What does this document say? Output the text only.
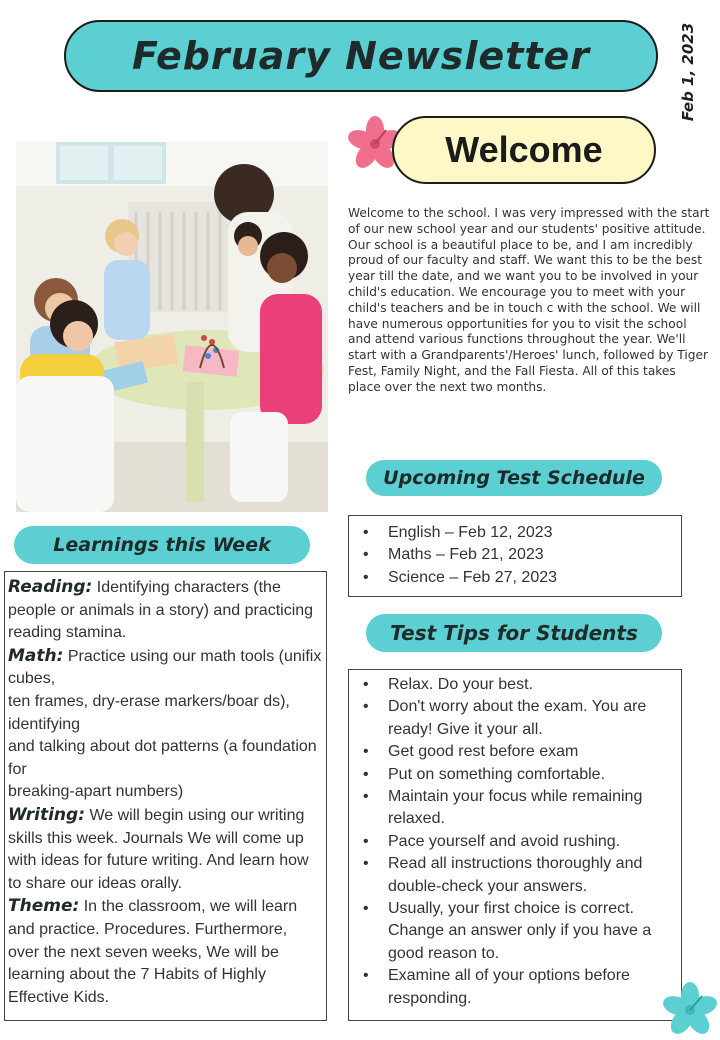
February Newsletter	Feb 1, 2023
Welcome

Welcome to the school. I was very impressed with the start of our new school year and our students' positive attitude. Our school is a beautiful place to be, and I am incredibly proud of our faculty and staff. We want this to be the best year till the date, and we want you to be involved in your child's education. We encourage you to meet with your child's teachers and be in touch c with the school. We will have numerous opportunities for you to visit the school and attend various functions throughout the year. We'll start with a Grandparents'/Heroes' lunch, followed by Tiger Fest, Family Night, and the Fall Fiesta. All of this takes place over the next two months.

Upcoming Test Schedule
• English – Feb 12, 2023
• Maths – Feb 21, 2023
• Science – Feb 27, 2023
Test Tips for Students
• Relax. Do your best.
• Don't worry about the exam. You are ready! Give it your all.
• Get good rest before exam
• Put on something comfortable.
• Maintain your focus while remaining relaxed.
• Pace yourself and avoid rushing.
• Read all instructions thoroughly and double-check your answers.
• Usually, your first choice is correct. Change an answer only if you have a good reason to.
• Examine all of your options before responding.
Learnings this Week

Reading: Identifying characters (the people or animals in a story) and practicing reading stamina.

Math: Practice using our math tools (unifix cubes,
ten frames, dry-erase markers/boar ds), identifying
and talking about dot patterns (a foundation for
breaking-apart numbers)

Writing: We will begin using our writing skills this week. Journals We will come up with ideas for future writing. And learn how to share our ideas orally.

Theme: In the classroom, we will learn and practice. Procedures. Furthermore, over the next seven weeks, We will be learning about the 7 Habits of Highly Effective Kids.
